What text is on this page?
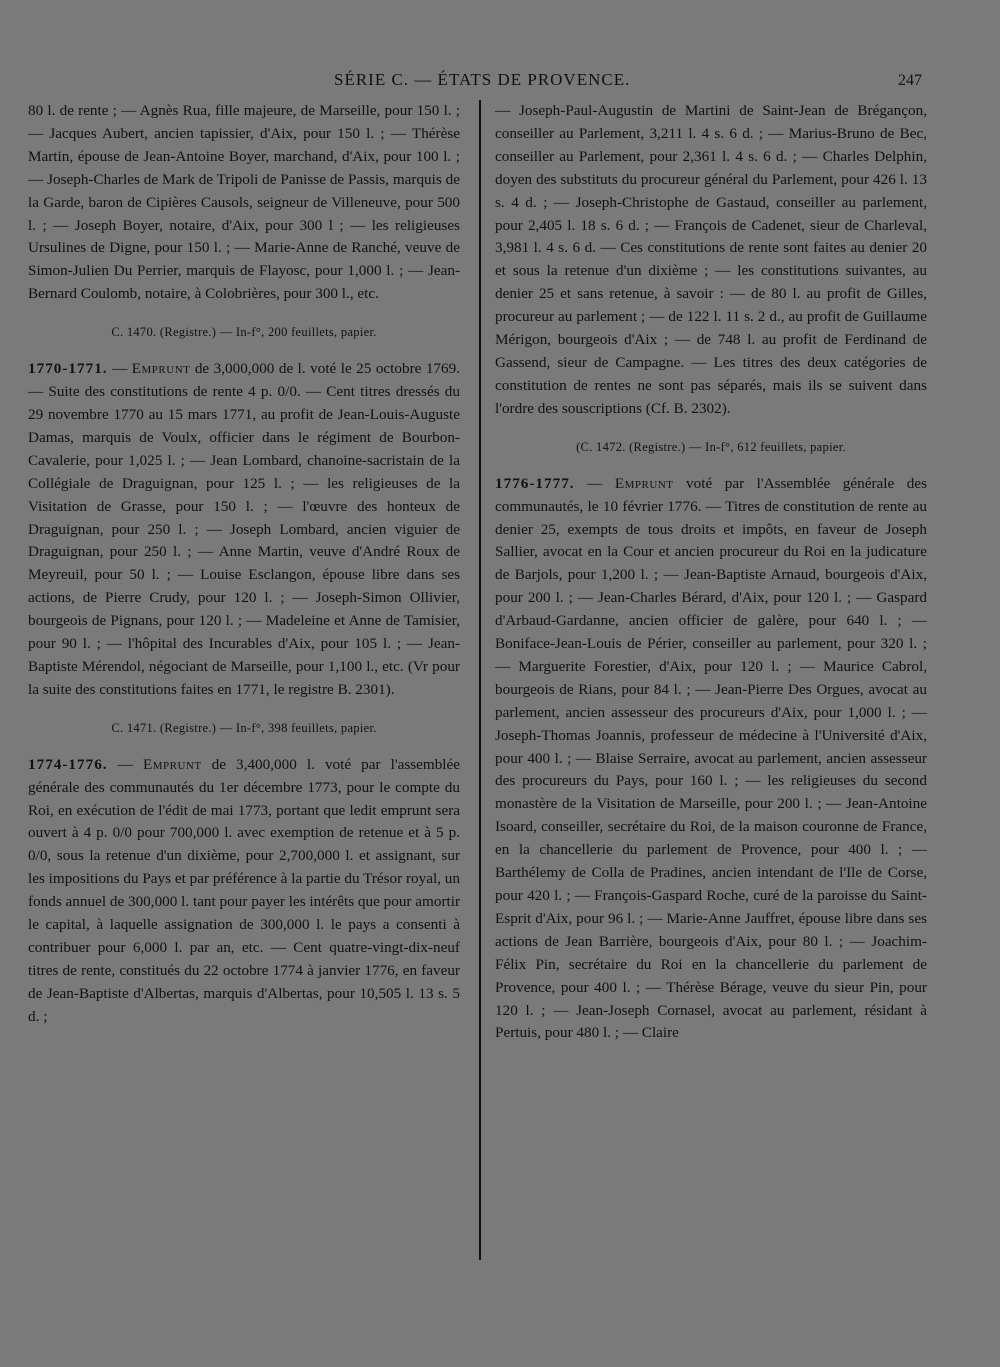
SÉRIE C. — ÉTATS DE PROVENCE.	247

80 l. de rente ; — Agnès Rua, fille majeure, de Marseille, pour 150 l. ; — Jacques Aubert, ancien tapissier, d'Aix, pour 150 l. ; — Thérèse Martin, épouse de Jean-Antoine Boyer, marchand, d'Aix, pour 100 l. ; — Joseph-Charles de Mark de Tripoli de Panisse de Passis, marquis de la Garde, baron de Cipières Causols, seigneur de Villeneuve, pour 500 l. ; — Joseph Boyer, notaire, d'Aix, pour 300 l ; — les religieuses Ursulines de Digne, pour 150 l. ; — Marie-Anne de Ranché, veuve de Simon-Julien Du Perrier, marquis de Flayosc, pour 1,000 l. ; — Jean-Bernard Coulomb, notaire, à Colobrières, pour 300 l., etc.

C. 1470. (Registre.) — In-f°, 200 feuillets, papier.

1770-1771. — Emprunt de 3,000,000 de l. voté le 25 octobre 1769. — Suite des constitutions de rente 4 p. 0/0. — Cent titres dressés du 29 novembre 1770 au 15 mars 1771, au profit de Jean-Louis-Auguste Damas, marquis de Voulx, officier dans le régiment de Bourbon-Cavalerie, pour 1,025 l. ; — Jean Lombard, chanoine-sacristain de la Collégiale de Draguignan, pour 125 l. ; — les religieuses de la Visitation de Grasse, pour 150 l. ; — l'œuvre des honteux de Draguignan, pour 250 l. ; — Joseph Lombard, ancien viguier de Draguignan, pour 250 l. ; — Anne Martin, veuve d'André Roux de Meyreuil, pour 50 l. ; — Louise Esclangon, épouse libre dans ses actions, de Pierre Crudy, pour 120 l. ; — Joseph-Simon Ollivier, bourgeois de Pignans, pour 120 l. ; — Madeleine et Anne de Tamisier, pour 90 l. ; — l'hôpital des Incurables d'Aix, pour 105 l. ; — Jean-Baptiste Mérendol, négociant de Marseille, pour 1,100 l., etc. (Vr pour la suite des constitutions faites en 1771, le registre B. 2301).

C. 1471. (Registre.) — In-f°, 398 feuillets, papier.

1774-1776. — Emprunt de 3,400,000 l. voté par l'assemblée générale des communautés du 1er décembre 1773, pour le compte du Roi, en exécution de l'édit de mai 1773, portant que ledit emprunt sera ouvert à 4 p. 0/0 pour 700,000 l. avec exemption de retenue et à 5 p. 0/0, sous la retenue d'un dixième, pour 2,700,000 l. et assignant, sur les impositions du Pays et par préférence à la partie du Trésor royal, un fonds annuel de 300,000 l. tant pour payer les intérêts que pour amortir le capital, à laquelle assignation de 300,000 l. le pays a consenti à contribuer pour 6,000 l. par an, etc. — Cent quatre-vingt-dix-neuf titres de rente, constitués du 22 octobre 1774 à janvier 1776, en faveur de Jean-Baptiste d'Albertas, marquis d'Albertas, pour 10,505 l. 13 s. 5 d. ;

— Joseph-Paul-Augustin de Martini de Saint-Jean de Brégançon, conseiller au Parlement, 3,211 l. 4 s. 6 d. ; — Marius-Bruno de Bec, conseiller au Parlement, pour 2,361 l. 4 s. 6 d. ; — Charles Delphin, doyen des substituts du procureur général du Parlement, pour 426 l. 13 s. 4 d. ; — Joseph-Christophe de Gastaud, conseiller au parlement, pour 2,405 l. 18 s. 6 d. ; — François de Cadenet, sieur de Charleval, 3,981 l. 4 s. 6 d. — Ces constitutions de rente sont faites au denier 20 et sous la retenue d'un dixième ; — les constitutions suivantes, au denier 25 et sans retenue, à savoir : — de 80 l. au profit de Gilles, procureur au parlement ; — de 122 l. 11 s. 2 d., au profit de Guillaume Mérigon, bourgeois d'Aix ; — de 748 l. au profit de Ferdinand de Gassend, sieur de Campagne. — Les titres des deux catégories de constitution de rentes ne sont pas séparés, mais ils se suivent dans l'ordre des souscriptions (Cf. B. 2302).

(C. 1472. (Registre.) — In-f°, 612 feuillets, papier.

1776-1777. — Emprunt voté par l'Assemblée générale des communautés, le 10 février 1776. — Titres de constitution de rente au denier 25, exempts de tous droits et impôts, en faveur de Joseph Sallier, avocat en la Cour et ancien procureur du Roi en la judicature de Barjols, pour 1,200 l. ; — Jean-Baptiste Arnaud, bourgeois d'Aix, pour 200 l. ; — Jean-Charles Bérard, d'Aix, pour 120 l. ; — Gaspard d'Arbaud-Gardanne, ancien officier de galère, pour 640 l. ; — Boniface-Jean-Louis de Périer, conseiller au parlement, pour 320 l. ; — Marguerite Forestier, d'Aix, pour 120 l. ; — Maurice Cabrol, bourgeois de Rians, pour 84 l. ; — Jean-Pierre Des Orgues, avocat au parlement, ancien assesseur des procureurs d'Aix, pour 1,000 l. ; — Joseph-Thomas Joannis, professeur de médecine à l'Université d'Aix, pour 400 l. ; — Blaise Serraire, avocat au parlement, ancien assesseur des procureurs du Pays, pour 160 l. ; — les religieuses du second monastère de la Visitation de Marseille, pour 200 l. ; — Jean-Antoine Isoard, conseiller, secrétaire du Roi, de la maison couronne de France, en la chancellerie du parlement de Provence, pour 400 l. ; — Barthélemy de Colla de Pradines, ancien intendant de l'Ile de Corse, pour 420 l. ; — François-Gaspard Roche, curé de la paroisse du Saint-Esprit d'Aix, pour 96 l. ; — Marie-Anne Jauffret, épouse libre dans ses actions de Jean Barrière, bourgeois d'Aix, pour 80 l. ; — Joachim-Félix Pin, secrétaire du Roi en la chancellerie du parlement de Provence, pour 400 l. ; — Thérèse Bérage, veuve du sieur Pin, pour 120 l. ; — Jean-Joseph Cornasel, avocat au parlement, résidant à Pertuis, pour 480 l. ; — Claire
